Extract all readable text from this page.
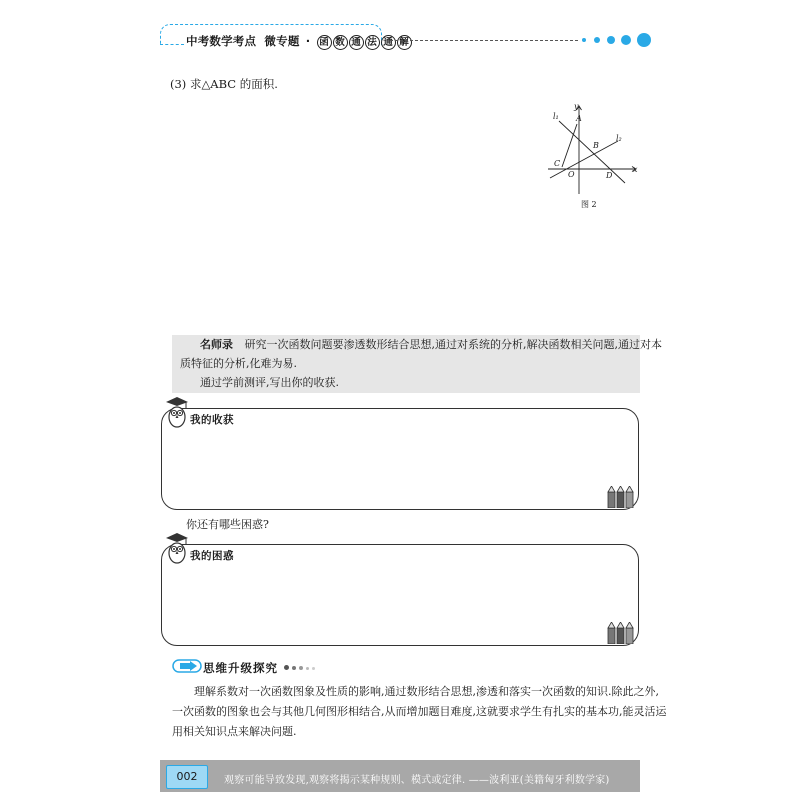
中考数学考点 微专题 · 函 数 通 法 通 解
(3) 求△ABC 的面积.
l₁
y
A
l₂
B
C
x
O	D
图 2
名师录 研究一次函数问题要渗透数形结合思想,通过对系统的分析,解决函数相关问题,通过对本
质特征的分析,化难为易.
通过学前测评,写出你的收获.
我的收获
你还有哪些困惑?
我的困惑
思维升级探究
理解系数对一次函数图象及性质的影响,通过数形结合思想,渗透和落实一次函数的知识.除此之外,
一次函数的图象也会与其他几何图形相结合,从而增加题目难度,这就要求学生有扎实的基本功,能灵活运
用相关知识点来解决问题.
002	观察可能导致发现,观察将揭示某种规则、模式或定律. ——波利亚(美籍匈牙利数学家)
